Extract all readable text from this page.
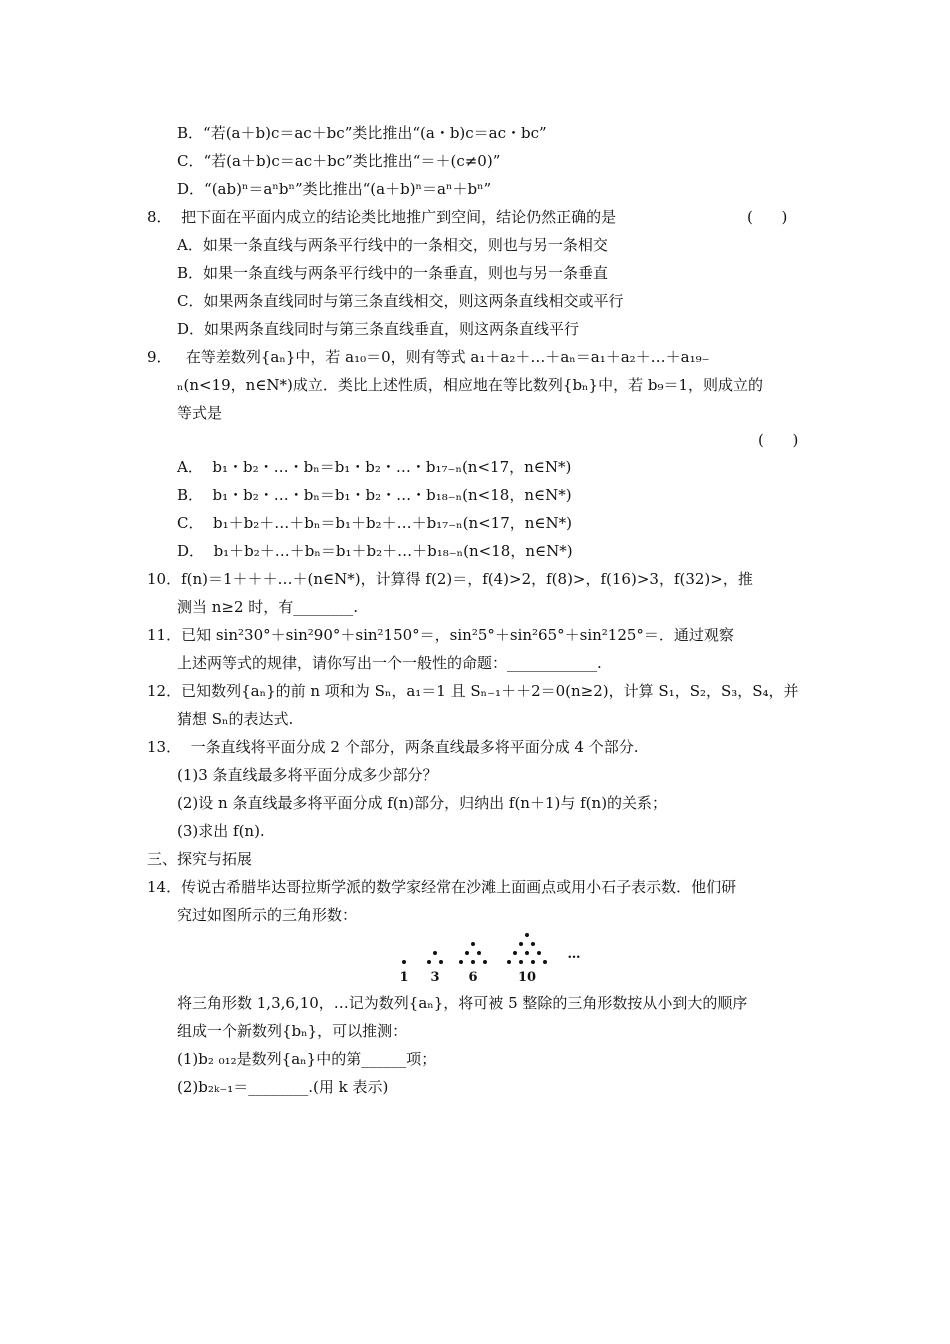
B．“若(a＋b)c＝ac＋bc”类比推出“(a・b)c＝ac・bc”
C．“若(a＋b)c＝ac＋bc”类比推出“＝＋(c≠0)”
D．“(ab)ⁿ＝aⁿbⁿ”类比推出“(a＋b)ⁿ＝aⁿ＋bⁿ”
8．  把下面在平面内成立的结论类比地推广到空间，结论仍然正确的是	(      )
A．如果一条直线与两条平行线中的一条相交，则也与另一条相交
B．如果一条直线与两条平行线中的一条垂直，则也与另一条垂直
C．如果两条直线同时与第三条直线相交，则这两条直线相交或平行
D．如果两条直线同时与第三条直线垂直，则这两条直线平行
9．   在等差数列{aₙ}中，若 a₁₀＝0，则有等式 a₁＋a₂＋…＋aₙ＝a₁＋a₂＋…＋a₁₉₋
ₙ(n<19，n∈N*)成立．类比上述性质，相应地在等比数列{bₙ}中，若 b₉＝1，则成立的
等式是
(      )
A．  b₁・b₂・…・bₙ＝b₁・b₂・…・b₁₇₋ₙ(n<17，n∈N*)
B．  b₁・b₂・…・bₙ＝b₁・b₂・…・b₁₈₋ₙ(n<18，n∈N*)
C．  b₁＋b₂＋…＋bₙ＝b₁＋b₂＋…＋b₁₇₋ₙ(n<17，n∈N*)
D．  b₁＋b₂＋…＋bₙ＝b₁＋b₂＋…＋b₁₈₋ₙ(n<18，n∈N*)
10．f(n)＝1＋＋＋…＋(n∈N*)，计算得 f(2)＝，f(4)>2，f(8)>，f(16)>3，f(32)>，推
测当 n≥2 时，有________.
11．已知 sin²30°＋sin²90°＋sin²150°＝，sin²5°＋sin²65°＋sin²125°＝．通过观察
上述两等式的规律，请你写出一个一般性的命题：____________.
12．已知数列{aₙ}的前 n 项和为 Sₙ，a₁＝1 且 Sₙ₋₁＋＋2＝0(n≥2)，计算 S₁，S₂，S₃，S₄，并
猜想 Sₙ的表达式.
13．  一条直线将平面分成 2 个部分，两条直线最多将平面分成 4 个部分.
(1)3 条直线最多将平面分成多少部分？
(2)设 n 条直线最多将平面分成 f(n)部分，归纳出 f(n＋1)与 f(n)的关系；
(3)求出 f(n).
三、探究与拓展
14．传说古希腊毕达哥拉斯学派的数学家经常在沙滩上面画点或用小石子表示数．他们研
究过如图所示的三角形数：
1 3 6	10
…
将三角形数 1,3,6,10，…记为数列{aₙ}，将可被 5 整除的三角形数按从小到大的顺序
组成一个新数列{bₙ}，可以推测：
(1)b₂ ₀₁₂是数列{aₙ}中的第______项；
(2)b₂ₖ₋₁＝________.(用 k 表示)
